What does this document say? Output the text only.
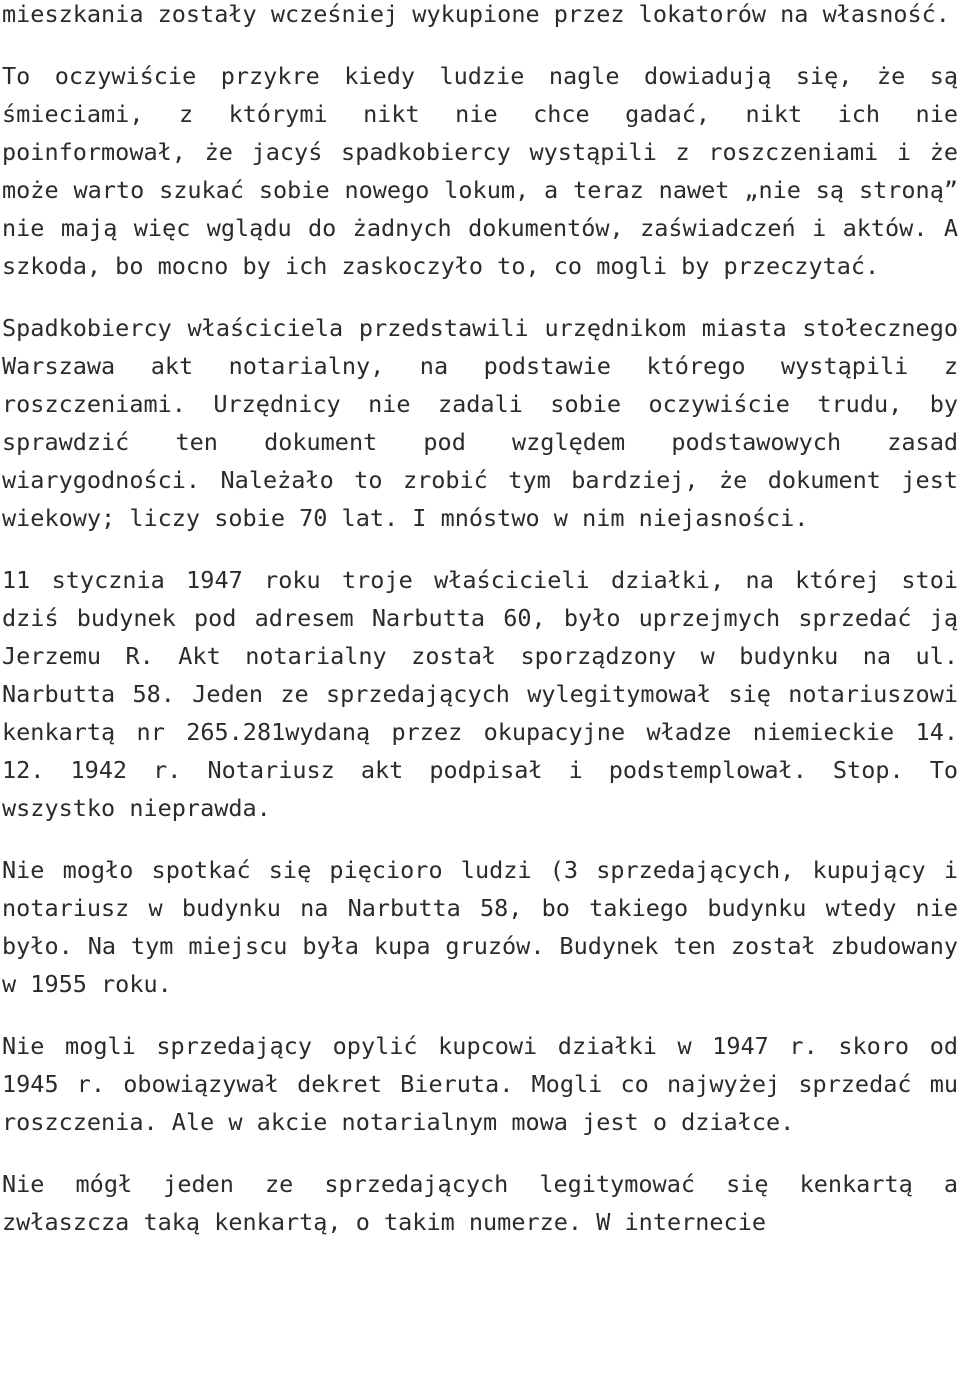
mieszkania zostały wcześniej wykupione przez lokatorów na własność.

To oczywiście przykre kiedy ludzie nagle dowiadują się, że są śmieciami, z którymi nikt nie chce gadać, nikt ich nie poinformował, że jacyś spadkobiercy wystąpili z roszczeniami i że może warto szukać sobie nowego lokum, a teraz nawet „nie są stroną” nie mają więc wglądu do żadnych dokumentów, zaświadczeń i aktów. A szkoda, bo mocno by ich zaskoczyło to, co mogli by przeczytać.

Spadkobiercy właściciela przedstawili urzędnikom miasta stołecznego Warszawa akt notarialny, na podstawie którego wystąpili z roszczeniami. Urzędnicy nie zadali sobie oczywiście trudu, by sprawdzić ten dokument pod względem podstawowych zasad wiarygodności. Należało to zrobić tym bardziej, że dokument jest wiekowy; liczy sobie 70 lat. I mnóstwo w nim niejasności.

11 stycznia 1947 roku troje właścicieli działki, na której stoi dziś budynek pod adresem Narbutta 60, było uprzejmych sprzedać ją Jerzemu R. Akt notarialny został sporządzony w budynku na ul. Narbutta 58. Jeden ze sprzedających wylegitymował się notariuszowi kenkartą nr 265.281wydaną przez okupacyjne władze niemieckie 14. 12. 1942 r. Notariusz akt podpisał i podstemplował. Stop. To wszystko nieprawda.

Nie mogło spotkać się pięcioro ludzi (3 sprzedających, kupujący i notariusz w budynku na Narbutta 58, bo takiego budynku wtedy nie było. Na tym miejscu była kupa gruzów. Budynek ten został zbudowany w 1955 roku.

Nie mogli sprzedający opylić kupcowi działki w 1947 r. skoro od 1945 r. obowiązywał dekret Bieruta. Mogli co najwyżej sprzedać mu roszczenia. Ale w akcie notarialnym mowa jest o działce.

Nie mógł jeden ze sprzedających legitymować się kenkartą a zwłaszcza taką kenkartą, o takim numerze. W internecie
